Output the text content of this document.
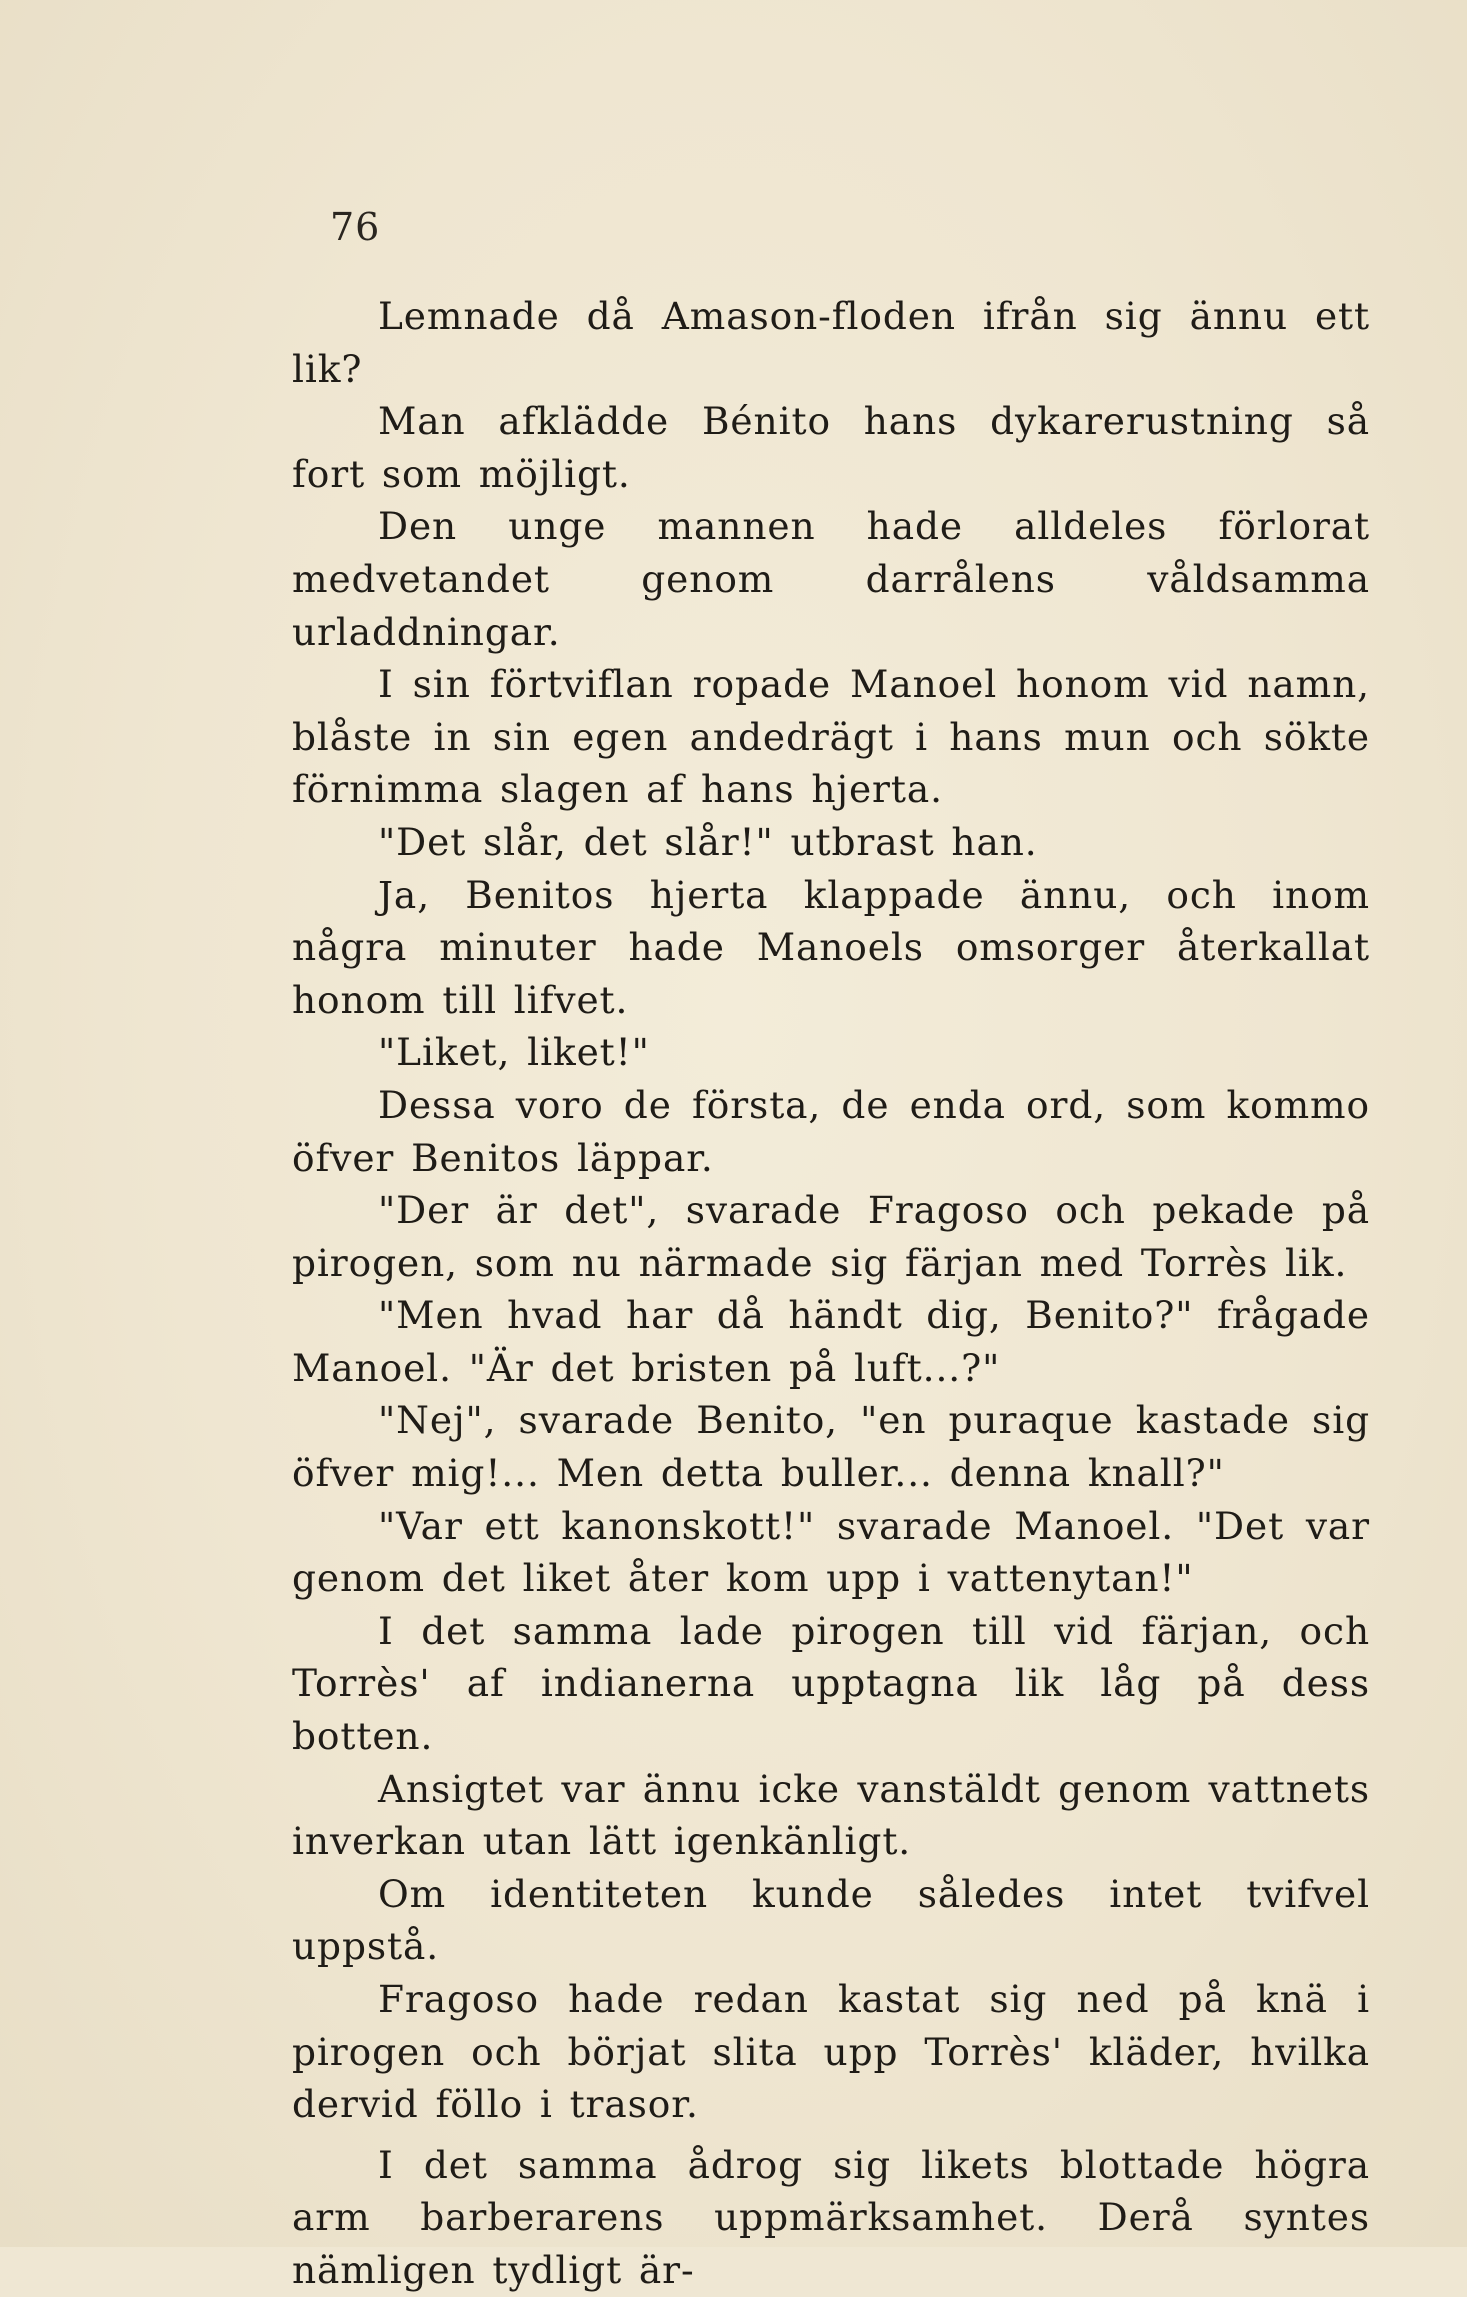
76

Lemnade då Amason-floden ifrån sig ännu ett lik?

Man afklädde Bénito hans dykarerustning så fort som möjligt.

Den unge mannen hade alldeles förlorat medvetandet genom darrålens våldsamma urladdningar.

I sin förtviflan ropade Manoel honom vid namn, blåste in sin egen andedrägt i hans mun och sökte förnimma slagen af hans hjerta.

"Det slår, det slår!" utbrast han.

Ja, Benitos hjerta klappade ännu, och inom några minuter hade Manoels omsorger återkallat honom till lifvet.

"Liket, liket!"

Dessa voro de första, de enda ord, som kommo öfver Benitos läppar.

"Der är det", svarade Fragoso och pekade på pirogen, som nu närmade sig färjan med Torrès lik.

"Men hvad har då händt dig, Benito?" frågade Manoel. "Är det bristen på luft...?"

"Nej", svarade Benito, "en puraque kastade sig öfver mig!... Men detta buller... denna knall?"

"Var ett kanonskott!" svarade Manoel. "Det var genom det liket åter kom upp i vattenytan!"

I det samma lade pirogen till vid färjan, och Torrès' af indianerna upptagna lik låg på dess botten.

Ansigtet var ännu icke vanstäldt genom vattnets inverkan utan lätt igenkänligt.

Om identiteten kunde således intet tvifvel uppstå.

Fragoso hade redan kastat sig ned på knä i pirogen och börjat slita upp Torrès' kläder, hvilka dervid föllo i trasor.

I det samma ådrog sig likets blottade högra arm barberarens uppmärksamhet. Derå syntes nämligen tydligt är-
